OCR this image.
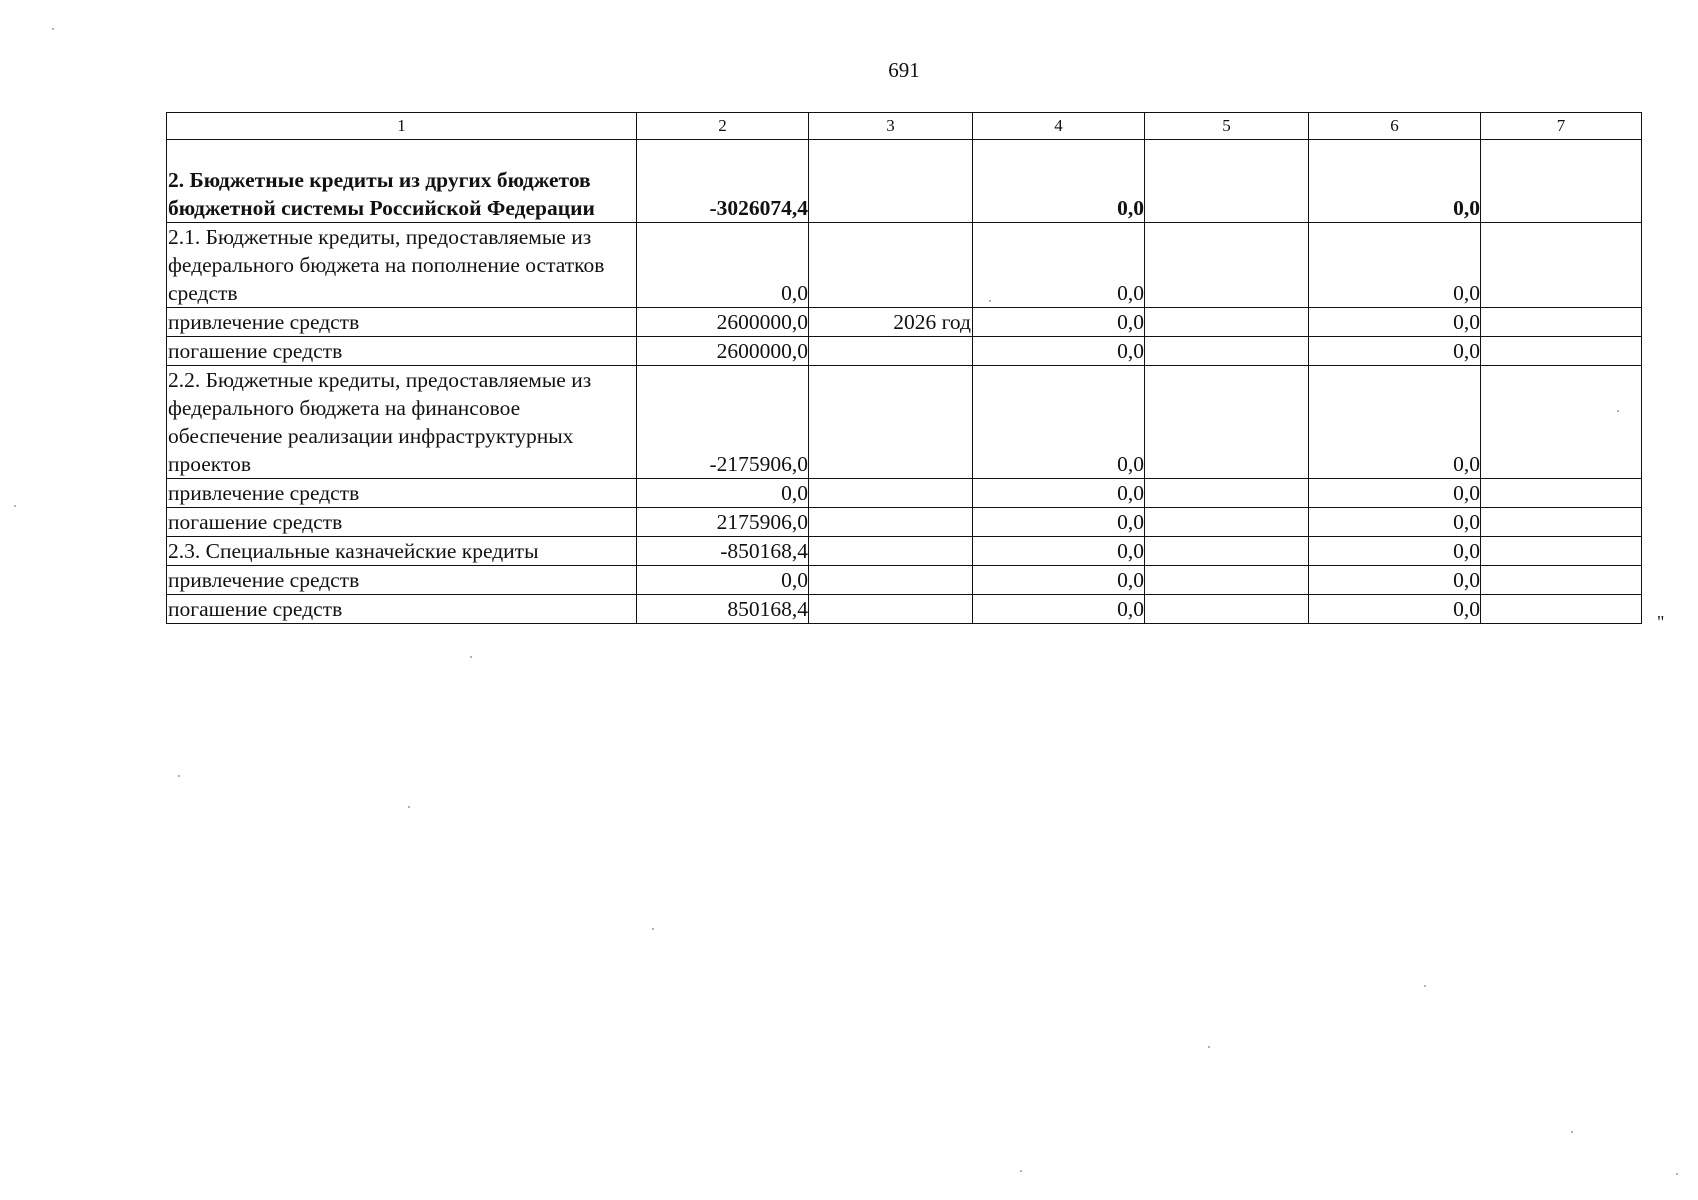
691
1	2	3	4	5	6	7
2. Бюджетные кредиты из других бюджетов бюджетной системы Российской Федерации	-3026074,4		0,0		0,0	
2.1. Бюджетные кредиты, предоставляемые из федерального бюджета на пополнение остатков средств	0,0		0,0		0,0	
привлечение средств	2600000,0	2026 год	0,0		0,0	
погашение средств	2600000,0		0,0		0,0	
2.2. Бюджетные кредиты, предоставляемые из федерального бюджета на финансовое обеспечение реализации инфраструктурных проектов	-2175906,0		0,0		0,0	
привлечение средств	0,0		0,0		0,0	
погашение средств	2175906,0		0,0		0,0	
2.3. Специальные казначейские кредиты	-850168,4		0,0		0,0	
привлечение средств	0,0		0,0		0,0	
погашение средств	850168,4		0,0		0,0	
"
